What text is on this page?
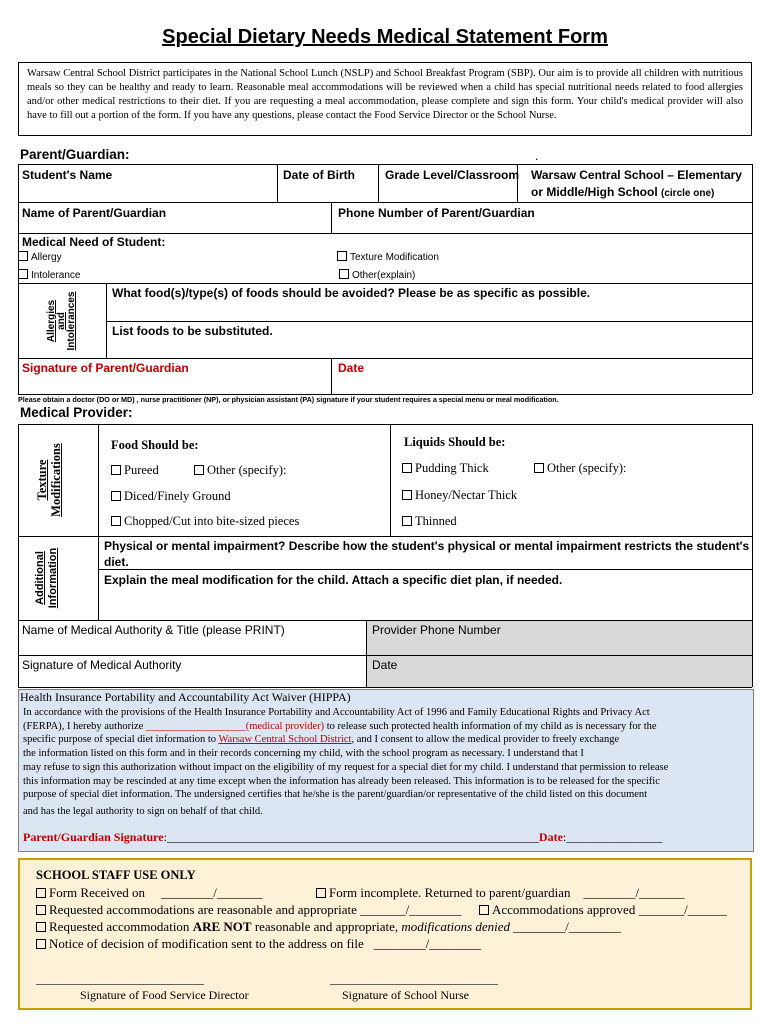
Special Dietary Needs Medical Statement Form
Warsaw Central School District participates in the National School Lunch (NSLP) and School Breakfast Program (SBP). Our aim is to provide all children with nutritious meals so they can be healthy and ready to learn. Reasonable meal accommodations will be reviewed when a child has special nutritional needs related to food allergies and/or other medical restrictions to their diet. If you are requesting a meal accommodation, please complete and sign this form. Your child's medical provider will also have to fill out a portion of the form. If you have any questions, please contact the Food Service Director or the School Nurse.
Parent/Guardian:	.
Student's Name	Date of Birth	Grade Level/Classroom Warsaw Central School – Elementary
or Middle/High School (circle one)
Name of Parent/Guardian	Phone Number of Parent/Guardian
Medical Need of Student:
Allergy
Intolerance
Texture Modification
Other(explain)
Allergies and Intolerances	What food(s)/type(s) of foods should be avoided? Please be as specific as possible.
List foods to be substituted.
Signature of Parent/Guardian	Date
Please obtain a doctor (DO or MD) , nurse practitioner (NP), or physician assistant (PA) signature if your student requires a special menu or meal modification.
Medical Provider:
Texture Modifications	Food Should be:	Liquids Should be:
Pureed	Other (specify):
Diced/Finely Ground
Chopped/Cut into bite-sized pieces
Pudding Thick	Other (specify):
Honey/Nectar Thick
Thinned
Additional Information
Physical or mental impairment? Describe how the student's physical or mental impairment restricts the student's diet.
Explain the meal modification for the child. Attach a specific diet plan, if needed.
Name of Medical Authority & Title (please PRINT)	Provider Phone Number
Signature of Medical Authority	Date
Health Insurance Portability and Accountability Act Waiver (HIPPA)
In accordance with the provisions of the Health Insurance Portability and Accountability Act of 1996 and Family Educational Rights and Privacy Act
(FERPA), I hereby authorize ___________________(medical provider) to release such protected health information of my child as is necessary for the
specific purpose of special diet information to Warsaw Central School District, and I consent to allow the medical provider to freely exchange
the information listed on this form and in their records concerning my child, with the school program as necessary. I understand that I
may refuse to sign this authorization without impact on the eligibility of my request for a special diet for my child. I understand that permission to release
this information may be rescinded at any time except when the information has already been released. This information is to be released for the specific
purpose of special diet information. The undersigned certifies that he/she is the parent/guardian/or representative of the child listed on this document
and has the legal authority to sign on behalf of that child.
Parent/Guardian Signature:______________________________________________________________Date:________________
SCHOOL STAFF USE ONLY
Form Received on ________/_______	Form incomplete. Returned to parent/guardian ________/_______
Requested accommodations are reasonable and appropriate _______/________	Accommodations approved _______/______
Requested accommodation ARE NOT reasonable and appropriate, modifications denied ________/________
Notice of decision of modification sent to the address on file ________/________
____________________________	____________________________
Signature of Food Service Director	Signature of School Nurse
